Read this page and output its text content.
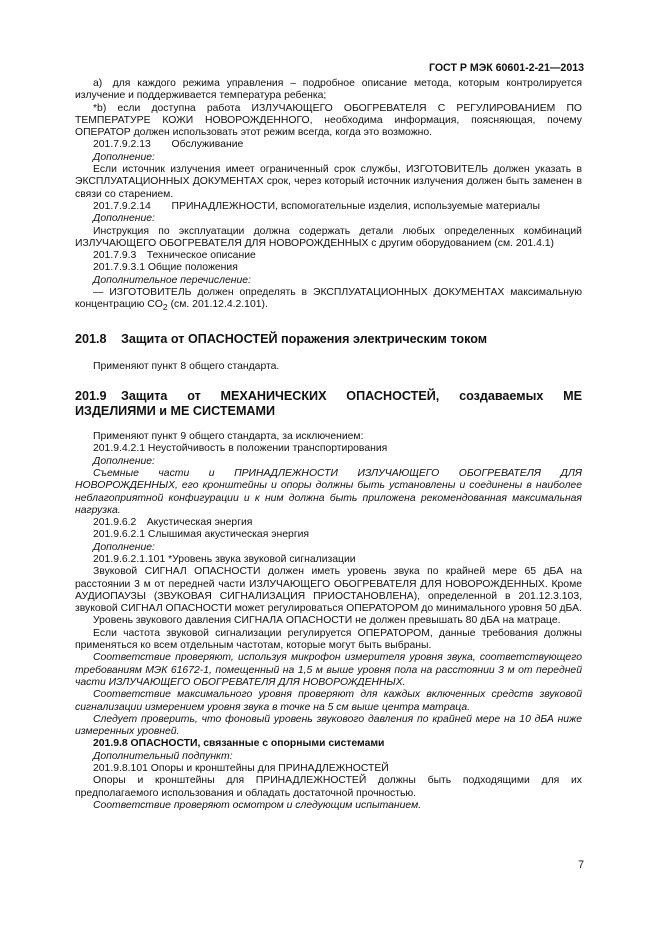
ГОСТ Р МЭК 60601-2-21—2013

а) для каждого режима управления – подробное описание метода, которым контролируется излучение и поддерживается температура ребенка;

*b) если доступна работа ИЗЛУЧАЮЩЕГО ОБОГРЕВАТЕЛЯ С РЕГУЛИРОВАНИЕМ ПО ТЕМПЕРАТУРЕ КОЖИ НОВОРОЖДЕННОГО, необходима информация, поясняющая, почему ОПЕРАТОР должен использовать этот режим всегда, когда это возможно.

201.7.9.2.13  Обслуживание

Дополнение:

Если источник излучения имеет ограниченный срок службы, ИЗГОТОВИТЕЛЬ должен указать в ЭКСПЛУАТАЦИОННЫХ ДОКУМЕНТАХ срок, через который источник излучения должен быть заменен в связи со старением.

201.7.9.2.14  ПРИНАДЛЕЖНОСТИ, вспомогательные изделия, используемые материалы

Дополнение:

Инструкция по эксплуатации должна содержать детали любых определенных комбинаций ИЗЛУЧАЮЩЕГО ОБОГРЕВАТЕЛЯ ДЛЯ НОВОРОЖДЕННЫХ с другим оборудованием (см. 201.4.1)

201.7.9.3 Техническое описание

201.7.9.3.1 Общие положения

Дополнительное перечисление:

— ИЗГОТОВИТЕЛЬ должен определять в ЭКСПЛУАТАЦИОННЫХ ДОКУМЕНТАХ максимальную концентрацию $CO_2$ (см. 201.12.4.2.101).

201.8 Защита от ОПАСНОСТЕЙ поражения электрическим током

Применяют пункт 8 общего стандарта.

201.9 Защита от МЕХАНИЧЕСКИХ ОПАСНОСТЕЙ, создаваемых МЕ ИЗДЕЛИЯМИ и МЕ СИСТЕМАМИ

Применяют пункт 9 общего стандарта, за исключением:

201.9.4.2.1 Неустойчивость в положении транспортирования

Дополнение:

Съемные части и ПРИНАДЛЕЖНОСТИ ИЗЛУЧАЮЩЕГО ОБОГРЕВАТЕЛЯ ДЛЯ НОВОРОЖДЕННЫХ, его кронштейны и опоры должны быть установлены и соединены в наиболее неблагоприятной конфигурации и к ним должна быть приложена рекомендованная максимальная нагрузка.

201.9.6.2 Акустическая энергия

201.9.6.2.1 Слышимая акустическая энергия

Дополнение:

201.9.6.2.1.101 *Уровень звука звуковой сигнализации

Звуковой СИГНАЛ ОПАСНОСТИ должен иметь уровень звука по крайней мере 65 дБА на расстоянии 3 м от передней части ИЗЛУЧАЮЩЕГО ОБОГРЕВАТЕЛЯ ДЛЯ НОВОРОЖДЕННЫХ. Кроме АУДИОПАУЗЫ (ЗВУКОВАЯ СИГНАЛИЗАЦИЯ ПРИОСТАНОВЛЕНА), определенной в 201.12.3.103, звуковой СИГНАЛ ОПАСНОСТИ может регулироваться ОПЕРАТОРОМ до минимального уровня 50 дБА.

Уровень звукового давления СИГНАЛА ОПАСНОСТИ не должен превышать 80 дБА на матраце.

Если частота звуковой сигнализации регулируется ОПЕРАТОРОМ, данные требования должны применяться ко всем отдельным частотам, которые могут быть выбраны.

Соответствие проверяют, используя микрофон измерителя уровня звука, соответствующего требованиям МЭК 61672-1, помещенный на 1,5 м выше уровня пола на расстоянии 3 м от передней части ИЗЛУЧАЮЩЕГО ОБОГРЕВАТЕЛЯ ДЛЯ НОВОРОЖДЕННЫХ.

Соответствие максимального уровня проверяют для каждых включенных средств звуковой сигнализации измерением уровня звука в точке на 5 см выше центра матраца.

Следует проверить, что фоновый уровень звукового давления по крайней мере на 10 дБА ниже измеренных уровней.

201.9.8 ОПАСНОСТИ, связанные с опорными системами

Дополнительный подпункт:

201.9.8.101 Опоры и кронштейны для ПРИНАДЛЕЖНОСТЕЙ

Опоры и кронштейны для ПРИНАДЛЕЖНОСТЕЙ должны быть подходящими для их предполагаемого использования и обладать достаточной прочностью.

Соответствие проверяют осмотром и следующим испытанием.

7
